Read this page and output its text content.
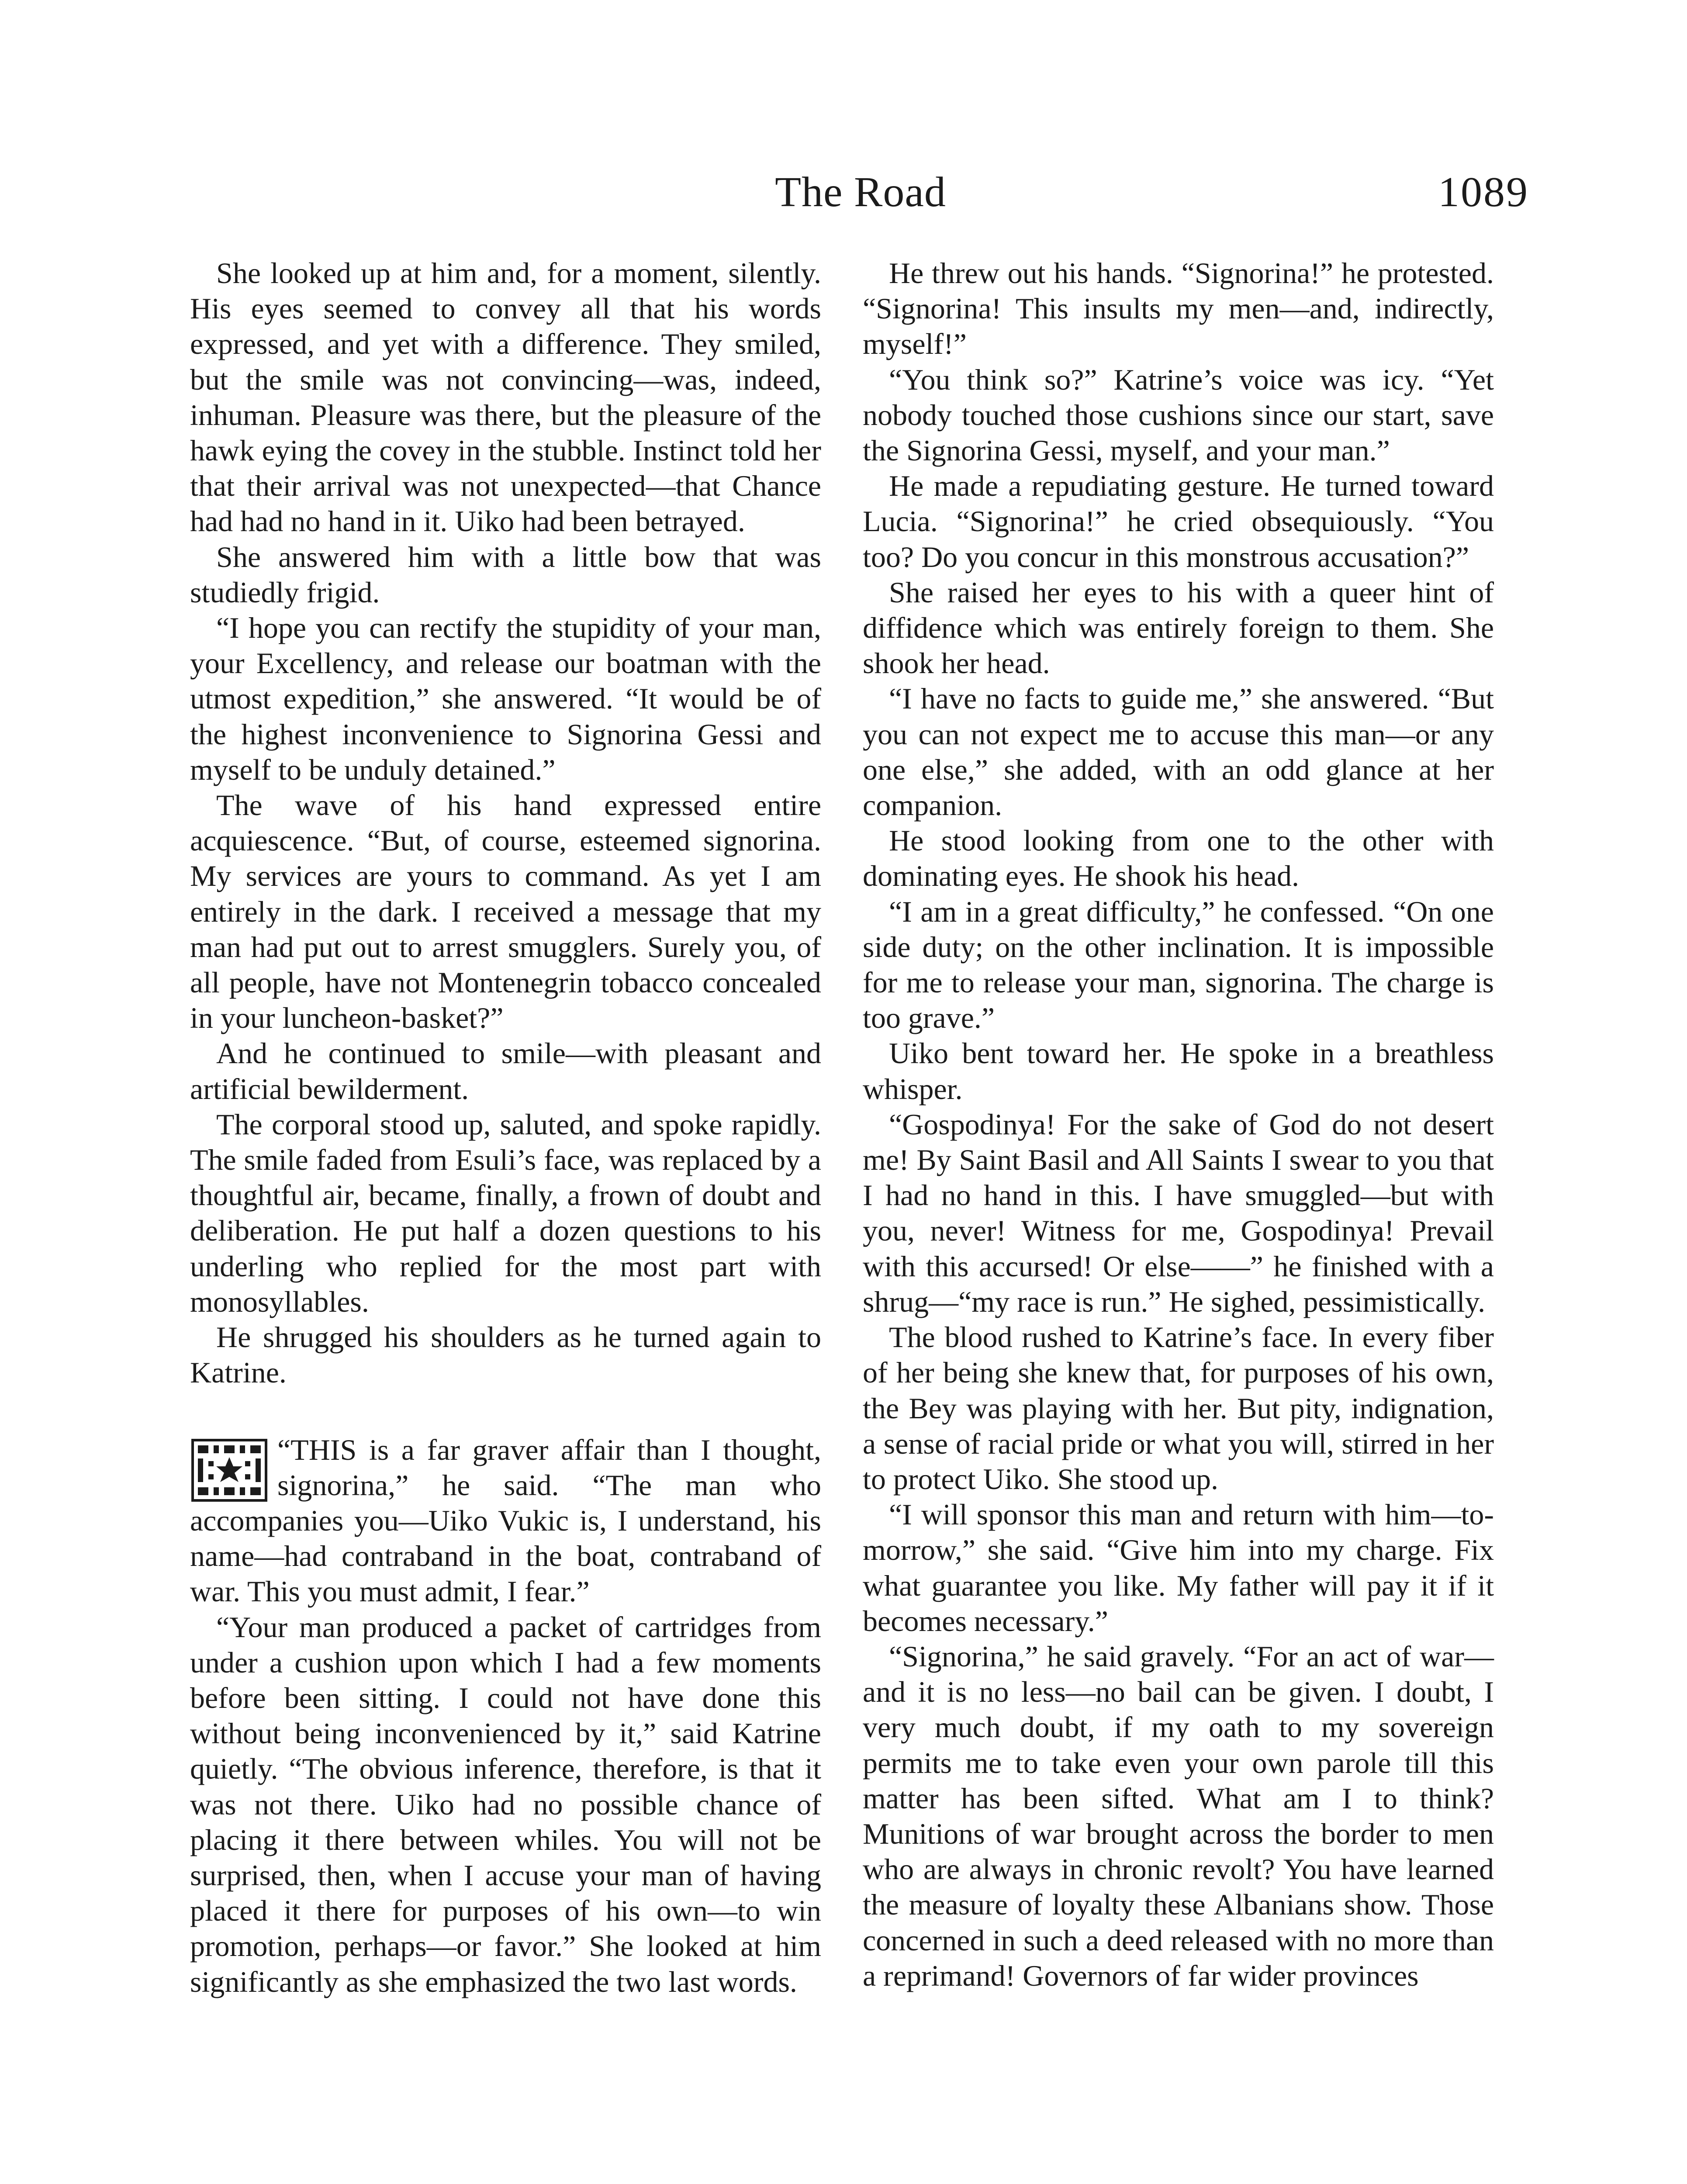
The Road	1089

She looked up at him and, for a moment, silently. His eyes seemed to convey all that his words expressed, and yet with a difference. They smiled, but the smile was not convincing—was, indeed, inhuman. Pleasure was there, but the pleasure of the hawk eying the covey in the stubble. Instinct told her that their arrival was not unexpected—that Chance had had no hand in it. Uiko had been betrayed.

She answered him with a little bow that was studiedly frigid.

“I hope you can rectify the stupidity of your man, your Excellency, and release our boatman with the utmost expedition,” she answered. “It would be of the highest inconvenience to Signorina Gessi and myself to be unduly detained.”

The wave of his hand expressed entire acquiescence. “But, of course, esteemed signorina. My services are yours to command. As yet I am entirely in the dark. I received a message that my man had put out to arrest smugglers. Surely you, of all people, have not Montenegrin tobacco concealed in your luncheon-basket?”

And he continued to smile—with pleasant and artificial bewilderment.

The corporal stood up, saluted, and spoke rapidly. The smile faded from Esuli’s face, was replaced by a thoughtful air, became, finally, a frown of doubt and deliberation. He put half a dozen questions to his underling who replied for the most part with monosyllables.

He shrugged his shoulders as he turned again to Katrine.

“THIS is a far graver affair than I thought, signorina,” he said. “The man who accompanies you—Uiko Vukic is, I understand, his name—had contraband in the boat, contraband of war. This you must admit, I fear.”

“Your man produced a packet of cartridges from under a cushion upon which I had a few moments before been sitting. I could not have done this without being inconvenienced by it,” said Katrine quietly. “The obvious inference, therefore, is that it was not there. Uiko had no possible chance of placing it there between whiles. You will not be surprised, then, when I accuse your man of having placed it there for purposes of his own—to win promotion, perhaps—or favor.” She looked at him significantly as she emphasized the two last words.

He threw out his hands. “Signorina!” he protested. “Signorina! This insults my men—and, indirectly, myself!”

“You think so?” Katrine’s voice was icy. “Yet nobody touched those cushions since our start, save the Signorina Gessi, myself, and your man.”

He made a repudiating gesture. He turned toward Lucia. “Signorina!” he cried obsequiously. “You too? Do you concur in this monstrous accusation?”

She raised her eyes to his with a queer hint of diffidence which was entirely foreign to them. She shook her head.

“I have no facts to guide me,” she answered. “But you can not expect me to accuse this man—or any one else,” she added, with an odd glance at her companion.

He stood looking from one to the other with dominating eyes. He shook his head.

“I am in a great difficulty,” he confessed. “On one side duty; on the other inclination. It is impossible for me to release your man, signorina. The charge is too grave.”

Uiko bent toward her. He spoke in a breathless whisper.

“Gospodinya! For the sake of God do not desert me! By Saint Basil and All Saints I swear to you that I had no hand in this. I have smuggled—but with you, never! Witness for me, Gospodinya! Prevail with this accursed! Or else——” he finished with a shrug—“my race is run.” He sighed, pessimistically.

The blood rushed to Katrine’s face. In every fiber of her being she knew that, for purposes of his own, the Bey was playing with her. But pity, indignation, a sense of racial pride or what you will, stirred in her to protect Uiko. She stood up.

“I will sponsor this man and return with him—to-morrow,” she said. “Give him into my charge. Fix what guarantee you like. My father will pay it if it becomes necessary.”

“Signorina,” he said gravely. “For an act of war—and it is no less—no bail can be given. I doubt, I very much doubt, if my oath to my sovereign permits me to take even your own parole till this matter has been sifted. What am I to think? Munitions of war brought across the border to men who are always in chronic revolt? You have learned the measure of loyalty these Albanians show. Those concerned in such a deed released with no more than a reprimand! Governors of far wider provinces
